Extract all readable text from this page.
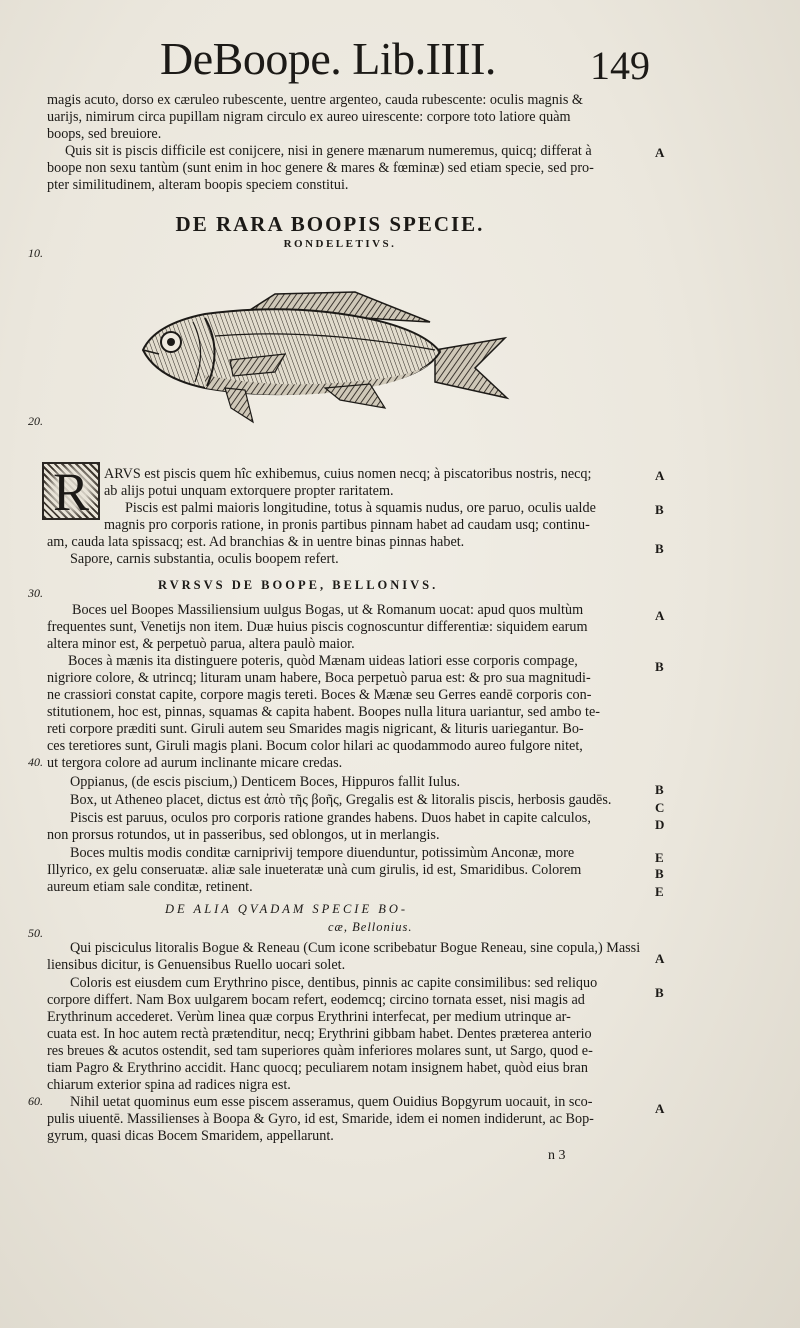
DeBoope. Lib.IIII. 149
magis acuto, dorso ex cæruleo rubescente, uentre argenteo, cauda rubescente: oculis magnis &
uarijs, nimirum circa pupillam nigram circulo ex aureo uirescente: corpore toto latiore quàm
boops, sed breuiore.
Quis sit is piscis difficile est conijcere, nisi in genere mænarum numeremus, quicq; differat à
boope non sexu tantùm (sunt enim in hoc genere & mares & fœminæ) sed etiam specie, sed pro-
pter similitudinem, alteram boopis speciem constitui.
DE RARA BOOPIS SPECIE.
RONDELETIVS.
R	ARVS est piscis quem hîc exhibemus, cuius nomen necq; à piscatoribus nostris, necq;
ab alijs potui unquam extorquere propter raritatem.
Piscis est palmi maioris longitudine, totus à squamis nudus, ore paruo, oculis ualde
magnis pro corporis ratione, in pronis partibus pinnam habet ad caudam usq; continu-
am, cauda lata spissacq; est. Ad branchias & in uentre binas pinnas habet.
Sapore, carnis substantia, oculis boopem refert.
RVRSVS DE BOOPE, BELLONIVS.
Boces uel Boopes Massiliensium uulgus Bogas, ut & Romanum uocat: apud quos multùm
frequentes sunt, Venetijs non item. Duæ huius piscis cognoscuntur differentiæ: siquidem earum
altera minor est, & perpetuò parua, altera paulò maior.
Boces à mænis ita distinguere poteris, quòd Mænam uideas latiori esse corporis compage,
nigriore colore, & utrincq; lituram unam habere, Boca perpetuò parua est: & pro sua magnitudi-
ne crassiori constat capite, corpore magis tereti. Boces & Mænæ seu Gerres eandē corporis con-
stitutionem, hoc est, pinnas, squamas & capita habent. Boopes nulla litura uariantur, sed ambo te-
reti corpore præditi sunt. Giruli autem seu Smarides magis nigricant, & lituris uariegantur. Bo-
ces teretiores sunt, Giruli magis plani. Bocum color hilari ac quodammodo aureo fulgore nitet,
ut tergora colore ad aurum inclinante micare credas.
Oppianus, (de escis piscium,) Denticem Boces, Hippuros fallit Iulus.
Box, ut Atheneo placet, dictus est ἀπὸ τῆς βοῆς, Gregalis est & litoralis piscis, herbosis gaudēs.
Piscis est paruus, oculos pro corporis ratione grandes habens. Duos habet in capite calculos,
non prorsus rotundos, ut in passeribus, sed oblongos, ut in merlangis.
Boces multis modis conditæ carniprivij tempore diuenduntur, potissimùm Anconæ, more
Illyrico, ex gelu conseruatæ. aliæ sale inueteratæ unà cum girulis, id est, Smaridibus. Colorem
aureum etiam sale conditæ, retinent.
DE ALIA QVADAM SPECIE BO-
cæ, Bellonius.
Qui pisciculus litoralis Bogue & Reneau (Cum icone scribebatur Bogue Reneau, sine copula,) Massi
liensibus dicitur, is Genuensibus Ruello uocari solet.
Coloris est eiusdem cum Erythrino pisce, dentibus, pinnis ac capite consimilibus: sed reliquo
corpore differt. Nam Box uulgarem bocam refert, eodemcq; circino tornata esset, nisi magis ad
Erythrinum accederet. Verùm linea quæ corpus Erythrini interfecat, per medium utrinque ar-
cuata est. In hoc autem rectà prætenditur, necq; Erythrini gibbam habet. Dentes præterea anterio
res breues & acutos ostendit, sed tam superiores quàm inferiores molares sunt, ut Sargo, quod e-
tiam Pagro & Erythrino accidit. Hanc quocq; peculiarem notam insignem habet, quòd eius bran
chiarum exterior spina ad radices nigra est.
Nihil uetat quominus eum esse piscem asseramus, quem Ouidius Bopgyrum uocauit, in sco-
pulis uiuentē. Massilienses à Boopa & Gyro, id est, Smaride, idem ei nomen indiderunt, ac Bop-
gyrum, quasi dicas Bocem Smaridem, appellarunt.
A
A
B
B
A
B
B
C
D
E
B
E
A
B
A
10.
20.
30.
40.
50.
60.
n 3
